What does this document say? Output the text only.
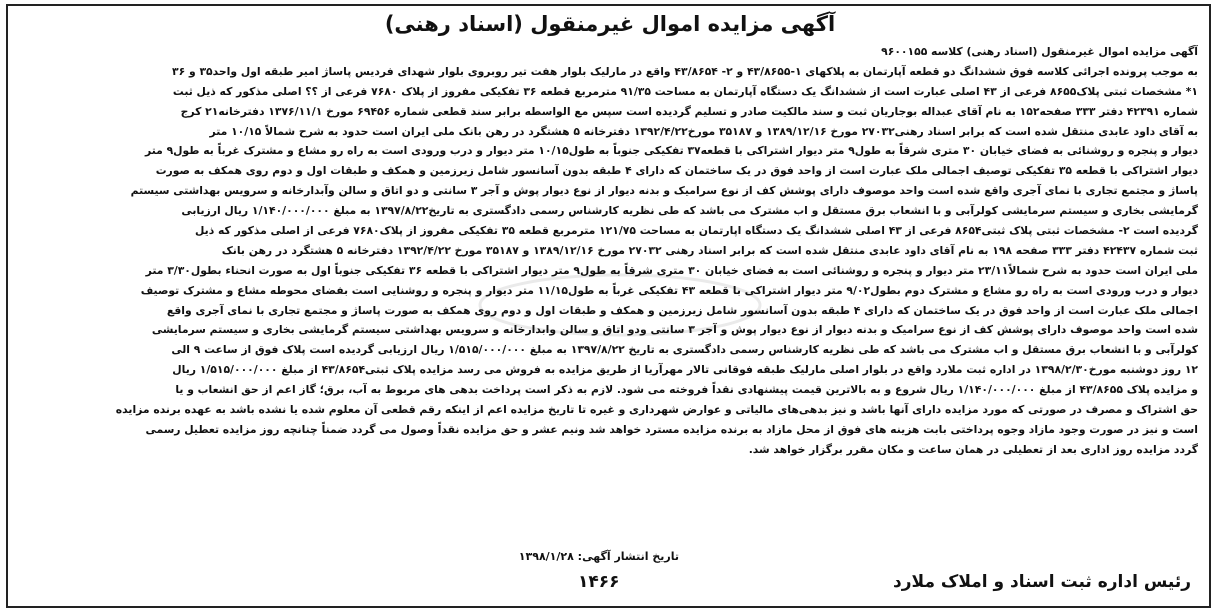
آگهی مزایده اموال غیرمنقول (اسناد رهنی)
آگهی مزایده اموال غیرمنقول (اسناد رهنی) کلاسه ۹۶۰۰۱۵۵
به موجب پرونده اجرائی کلاسه فوق ششدانگ دو قطعه آپارتمان به پلاکهای ۱-۴۳/۸۶۵۵ و ۲- ۴۳/۸۶۵۴ واقع در مارلیک بلوار هفت تیر روبروی بلوار شهدای فردیس پاساژ امیر طبقه اول واحد۳۵ و ۳۶
۱* مشخصات ثبتی پلاک۸۶۵۵ فرعی از ۴۳ اصلی عبارت است از ششدانگ یک دستگاه آپارتمان به مساحت ۹۱/۳۵ مترمربع قطعه ۳۶ تفکیکی مفروز از پلاک ۷۶۸۰ فرعی از ؟؟ اصلی مذکور که ذیل ثبت
شماره ۴۲۳۹۱ دفتر ۳۳۳ صفحه۱۵۲ به نام آقای عبداله بوجاریان ثبت و سند مالکیت صادر و تسلیم گردیده است سپس مع الواسطه برابر سند قطعی شماره ۶۹۴۵۶ مورخ ۱۳۷۶/۱۱/۱ دفترخانه۲۱ کرج
به آقای داود عابدی منتقل شده است که برابر اسناد رهنی۲۷۰۳۲ مورخ ۱۳۸۹/۱۲/۱۶ و ۳۵۱۸۷ مورخ۱۳۹۲/۴/۲۲ دفترخانه ۵ هشتگرد در رهن بانک ملی ایران است حدود به شرح شمالاً ۱۰/۱۵ متر
دیوار و پنجره و روشنائی به فضای خیابان ۳۰ متری شرقاً به طول۹ متر دیوار اشتراکی با قطعه۳۷ تفکیکی جنوباً به طول۱۰/۱۵ متر دیوار و درب ورودی است به راه رو مشاع و مشترک غرباً به طول۹ متر
دیوار اشتراکی با قطعه ۳۵ تفکیکی توصیف اجمالی ملک عبارت است از واحد فوق در یک ساختمان که دارای ۴ طبقه بدون آسانسور شامل زیرزمین و همکف و طبقات اول و دوم روی همکف به صورت
پاساژ و مجتمع تجاری با نمای آجری واقع شده است واحد موصوف دارای پوشش کف از نوع سرامیک و بدنه دیوار از نوع دیوار پوش و آجر ۳ سانتی و دو اتاق و سالن وآبدارخانه و سرویس بهداشتی سیستم
گرمایشی بخاری و سیستم سرمایشی کولرآبی و با انشعاب برق مستقل و اب مشترک می باشد که طی نظریه کارشناس رسمی دادگستری به تاریخ۱۳۹۷/۸/۲۲ به مبلغ ۱/۱۴۰/۰۰۰/۰۰۰ ریال ارزیابی
گردیده است ۲- مشخصات ثبتی پلاک ثبتی۸۶۵۴ فرعی از ۴۳ اصلی ششدانگ یک دستگاه اپارتمان به مساحت ۱۲۱/۷۵ مترمربع قطعه ۳۵ تفکیکی مفروز از پلاک۷۶۸۰ فرعی از اصلی مذکور که ذیل
ثبت شماره ۴۲۴۳۷ دفتر ۳۳۳ صفحه ۱۹۸ به نام آقای داود عابدی منتقل شده است که برابر اسناد رهنی ۲۷۰۳۲ مورخ ۱۳۸۹/۱۲/۱۶ و ۳۵۱۸۷ مورخ ۱۳۹۲/۴/۲۲ دفترخانه ۵ هشتگرد در رهن بانک
ملی ایران است حدود به شرح شمالاً۲۳/۱۱ متر دیوار و پنجره و روشنائی است به فضای خیابان ۳۰ متری شرقاً به طول۹ متر دیوار اشتراکی با قطعه ۳۶ تفکیکی جنوباً اول به صورت انحناء بطول۳/۳۰ متر
دیوار و درب ورودی است به راه رو مشاع و مشترک دوم بطول۹/۰۲ متر دیوار اشتراکی با قطعه ۴۳ تفکیکی غرباً به طول۱۱/۱۵ متر دیوار و پنجره و روشنایی است بفضای محوطه مشاع و مشترک توصیف
اجمالی ملک عبارت است از واحد فوق در یک ساختمان که دارای ۴ طبقه بدون آسانسور شامل زیرزمین و همکف و طبقات اول و دوم روی همکف به صورت پاساژ و مجتمع تجاری با نمای آجری واقع
شده است واحد موصوف دارای پوشش کف از نوع سرامیک و بدنه دیوار از نوع دیوار پوش و آجر ۳ سانتی ودو اتاق و سالن وابدارخانه و سرویس بهداشتی سیستم گرمایشی بخاری و سیستم سرمایشی
کولرآبی و با انشعاب برق مستقل و اب مشترک می باشد که طی نظریه کارشناس رسمی دادگستری به تاریخ ۱۳۹۷/۸/۲۲ به مبلغ ۱/۵۱۵/۰۰۰/۰۰۰ ریال ارزیابی گردیده است پلاک فوق از ساعت ۹ الی
۱۲ روز دوشنبه مورخ۱۳۹۸/۲/۳۰ در اداره ثبت ملارد واقع در بلوار اصلی مارلیک طبقه فوقانی تالار مهرآریا از طریق مزایده به فروش می رسد مزایده پلاک ثبتی۴۳/۸۶۵۴ از مبلغ ۱/۵۱۵/۰۰۰/۰۰۰ ریال
و مزایده پلاک ۴۳/۸۶۵۵ از مبلغ ۱/۱۴۰/۰۰۰/۰۰۰ ریال شروع و به بالاترین قیمت پیشنهادی نقداً فروخته می شود. لازم به ذکر است پرداخت بدهی های مربوط به آب، برق؛ گاز اعم از حق انشعاب و یا
حق اشتراک و مصرف در صورتی که مورد مزایده دارای آنها باشد و نیز بدهی‌های مالیاتی و عوارض شهرداری و غیره تا تاریخ مزایده اعم از اینکه رقم قطعی آن معلوم شده یا نشده باشد به عهده برنده مزایده
است و نیز در صورت وجود مازاد وجوه پرداختی بابت هزینه های فوق از محل مازاد به برنده مزایده مسترد خواهد شد ونیم عشر و حق مزایده نقداً وصول می گردد ضمناً چنانچه روز مزایده تعطیل رسمی
گردد مزایده روز اداری بعد از تعطیلی در همان ساعت و مکان مقرر برگزار خواهد شد.
تاریخ انتشار آگهی: ۱۳۹۸/۱/۲۸
رئیس اداره ثبت اسناد و املاک ملارد
۱۴۶۶
